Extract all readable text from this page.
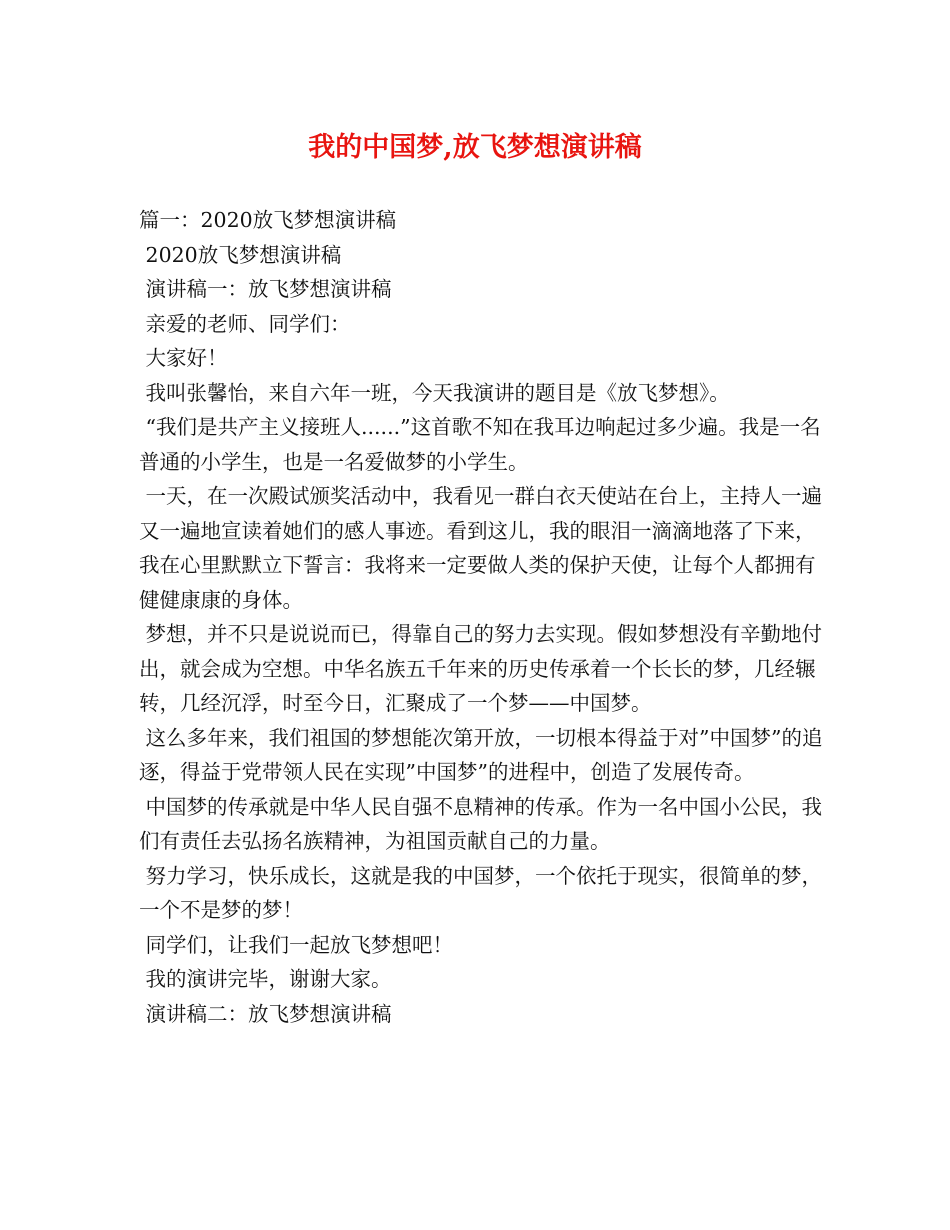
我的中国梦,放飞梦想演讲稿

篇一：2020放飞梦想演讲稿

2020放飞梦想演讲稿

演讲稿一：放飞梦想演讲稿

亲爱的老师、同学们：

大家好！

我叫张馨怡，来自六年一班，今天我演讲的题目是《放飞梦想》。

“我们是共产主义接班人......”这首歌不知在我耳边响起过多少遍。我是一名普通的小学生，也是一名爱做梦的小学生。

一天，在一次殿试颁奖活动中，我看见一群白衣天使站在台上，主持人一遍又一遍地宣读着她们的感人事迹。看到这儿，我的眼泪一滴滴地落了下来，我在心里默默立下誓言：我将来一定要做人类的保护天使，让每个人都拥有健健康康的身体。

梦想，并不只是说说而已，得靠自己的努力去实现。假如梦想没有辛勤地付出，就会成为空想。中华名族五千年来的历史传承着一个长长的梦，几经辗转，几经沉浮，时至今日，汇聚成了一个梦——中国梦。

这么多年来，我们祖国的梦想能次第开放，一切根本得益于对”中国梦”的追逐，得益于党带领人民在实现”中国梦”的进程中，创造了发展传奇。

中国梦的传承就是中华人民自强不息精神的传承。作为一名中国小公民，我们有责任去弘扬名族精神，为祖国贡献自己的力量。

努力学习，快乐成长，这就是我的中国梦，一个依托于现实，很简单的梦，一个不是梦的梦！

同学们，让我们一起放飞梦想吧！

我的演讲完毕，谢谢大家。

演讲稿二：放飞梦想演讲稿
